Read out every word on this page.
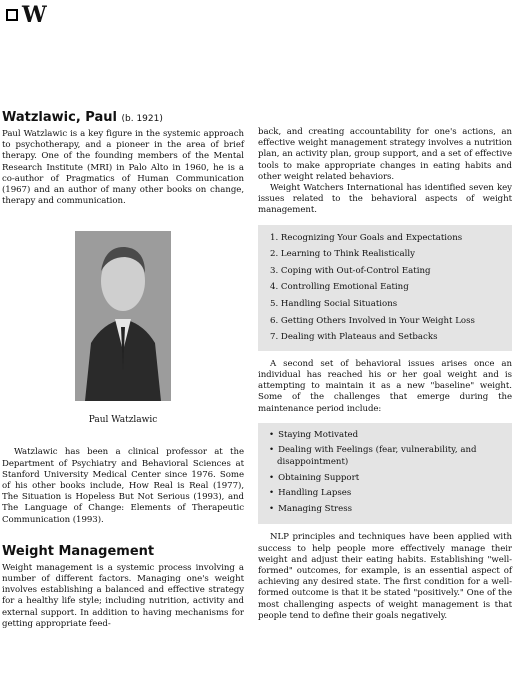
W
Watzlawic, Paul (b. 1921)

Paul Watzlawic is a key figure in the systemic approach to psychotherapy, and a pioneer in the area of brief therapy. One of the founding members of the Mental Research Institute (MRI) in Palo Alto in 1960, he is a co-author of Pragmatics of Human Communication (1967) and an author of many other books on change, therapy and communication.

Paul Watzlawic

Watzlawic has been a clinical professor at the Department of Psychiatry and Behavioral Sciences at Stanford University Medical Center since 1976. Some of his other books include, How Real is Real (1977), The Situation is Hopeless But Not Serious (1993), and The Language of Change: Elements of Therapeutic Communication (1993).

Weight Management

Weight management is a systemic process involving a number of different factors. Managing one's weight involves establishing a balanced and effective strategy for a healthy life style; including nutrition, activity and external support. In addition to having mechanisms for getting appropriate feed-

back, and creating accountability for one's actions, an effective weight management strategy involves a nutrition plan, an activity plan, group support, and a set of effective tools to make appropriate changes in eating habits and other weight related behaviors.

Weight Watchers International has identified seven key issues related to the behavioral aspects of weight management.

1. Recognizing Your Goals and Expectations
2. Learning to Think Realistically
3. Coping with Out-of-Control Eating
4. Controlling Emotional Eating
5. Handling Social Situations
6. Getting Others Involved in Your Weight Loss
7. Dealing with Plateaus and Setbacks

A second set of behavioral issues arises once an individual has reached his or her goal weight and is attempting to maintain it as a new "baseline" weight. Some of the challenges that emerge during the maintenance period include:

• Staying Motivated
• Dealing with Feelings (fear, vulnerability, and disappointment)
• Obtaining Support
• Handling Lapses
• Managing Stress

NLP principles and techniques have been applied with success to help people more effectively manage their weight and adjust their eating habits. Establishing "well-formed" outcomes, for example, is an essential aspect of achieving any desired state. The first condition for a well-formed outcome is that it be stated "positively." One of the most challenging aspects of weight management is that people tend to define their goals negatively.
